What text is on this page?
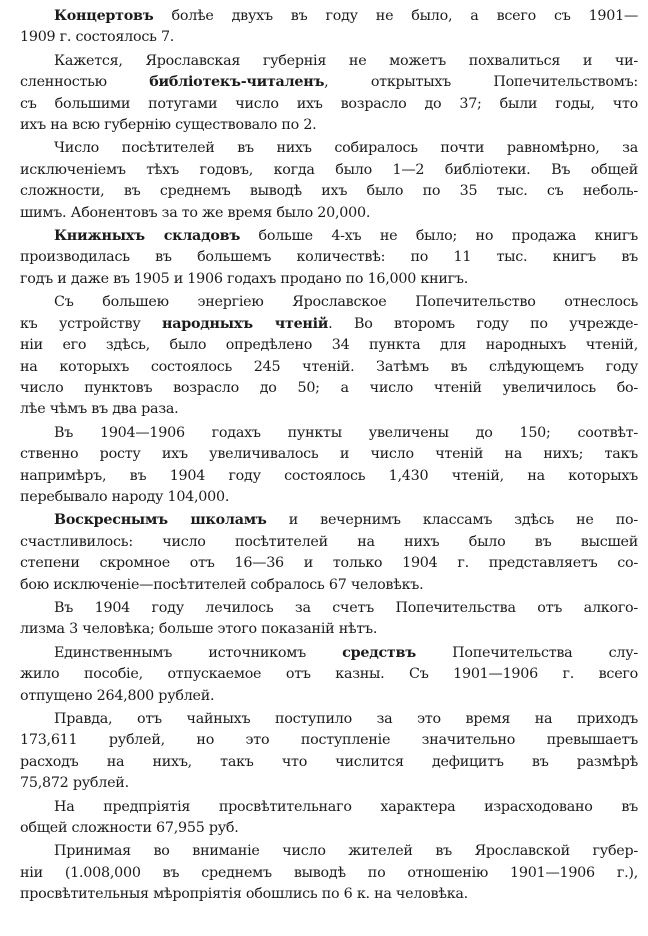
Концертовъ болѣе двухъ въ году не было, а всего съ 1901—
1909 г. состоялось 7.
Кажется, Ярославская губернія не можетъ похвалиться и чи-
сленностью библіотекъ-читаленъ, открытыхъ Попечительствомъ:
съ большими потугами число ихъ возрасло до 37; были годы, что
ихъ на всю губернію существовало по 2.
Число посѣтителей въ нихъ собиралось почти равномѣрно, за
исключеніемъ тѣхъ годовъ, когда было 1—2 библіотеки. Въ общей
сложности, въ среднемъ выводѣ ихъ было по 35 тыс. съ неболь-
шимъ. Абонентовъ за то же время было 20,000.
Книжныхъ складовъ больше 4-хъ не было; но продажа книгъ
производилась въ большемъ количествѣ: по 11 тыс. книгъ въ
годъ и даже въ 1905 и 1906 годахъ продано по 16,000 книгъ.
Съ большею энергіею Ярославское Попечительство отнеслось
къ устройству народныхъ чтеній. Во второмъ году по учрежде-
ніи его здѣсь, было опредѣлено 34 пункта для народныхъ чтеній,
на которыхъ состоялось 245 чтеній. Затѣмъ въ слѣдующемъ году
число пунктовъ возрасло до 50; а число чтеній увеличилось бо-
лѣе чѣмъ въ два раза.
Въ 1904—1906 годахъ пункты увеличены до 150; соотвѣт-
ственно росту ихъ увеличивалось и число чтеній на нихъ; такъ
напримѣръ, въ 1904 году состоялось 1,430 чтеній, на которыхъ
перебывало народу 104,000.
Воскреснымъ школамъ и вечернимъ классамъ здѣсь не по-
счастливилось: число посѣтителей на нихъ было въ высшей
степени скромное отъ 16—36 и только 1904 г. представляетъ со-
бою исключеніе—посѣтителей собралось 67 человѣкъ.
Въ 1904 году лечилось за счетъ Попечительства отъ алкого-
лизма 3 человѣка; больше этого показаній нѣтъ.
Единственнымъ источникомъ средствъ Попечительства слу-
жило пособіе, отпускаемое отъ казны. Съ 1901—1906 г. всего
отпущено 264,800 рублей.
Правда, отъ чайныхъ поступило за это время на приходъ
173,611 рублей, но это поступленіе значительно превышаетъ
расходъ на нихъ, такъ что числится дефицитъ въ размѣрѣ
75,872 рублей.
На предпріятія просвѣтительнаго характера израсходовано въ
общей сложности 67,955 руб.
Принимая во вниманіе число жителей въ Ярославской губер-
ніи (1.008,000 въ среднемъ выводѣ по отношенію 1901—1906 г.),
просвѣтительныя мѣропріятія обошлись по 6 к. на человѣка.
